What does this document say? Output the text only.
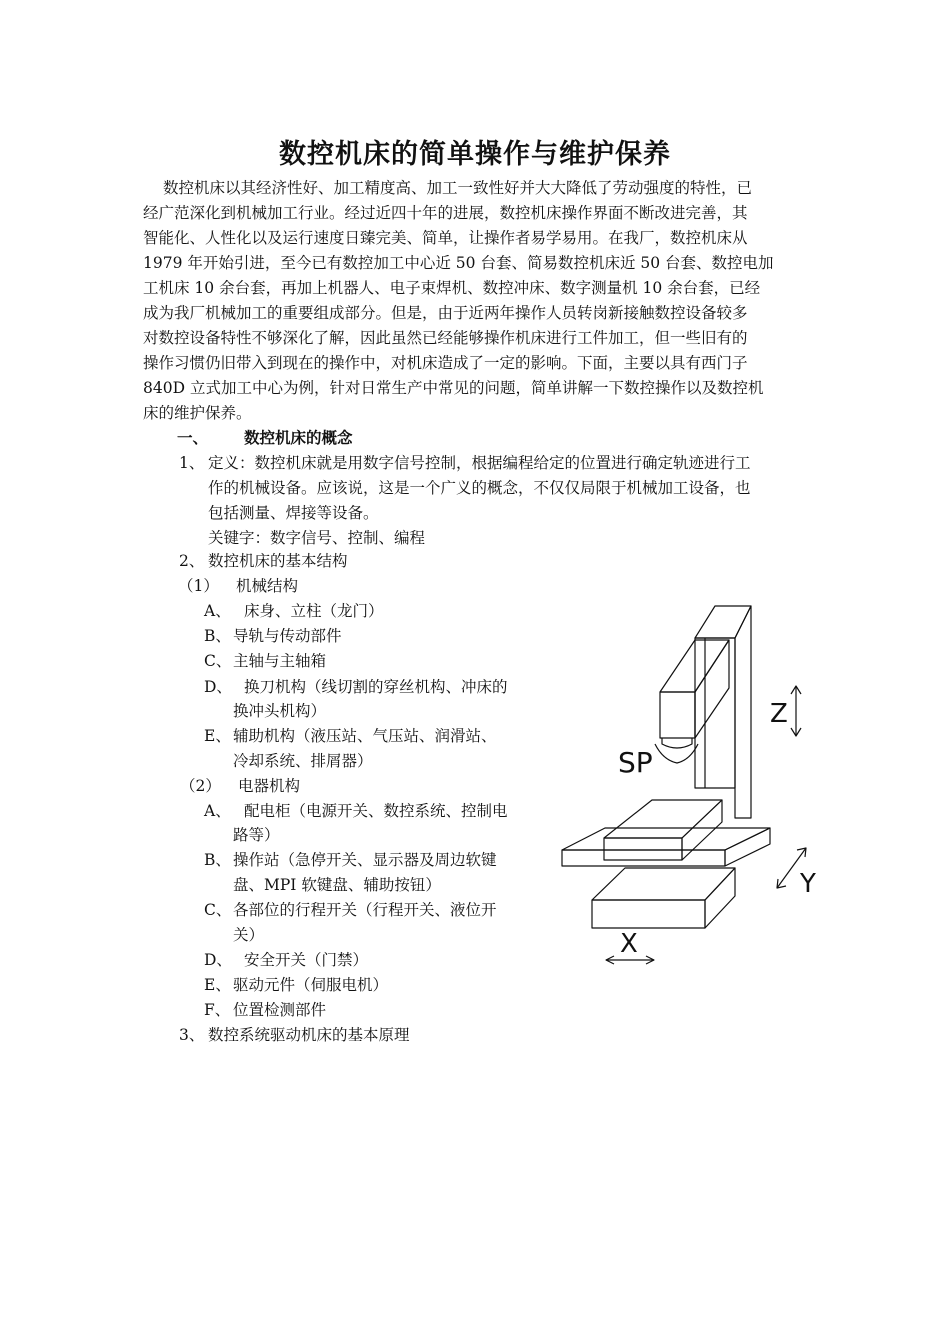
数控机床的简单操作与维护保养
数控机床以其经济性好、加工精度高、加工一致性好并大大降低了劳动强度的特性，已
经广范深化到机械加工行业。经过近四十年的进展，数控机床操作界面不断改进完善，其
智能化、人性化以及运行速度日臻完美、简单，让操作者易学易用。在我厂，数控机床从
1979 年开始引进，至今已有数控加工中心近 50 台套、简易数控机床近 50 台套、数控电加
工机床 10 余台套，再加上机器人、电子束焊机、数控冲床、数字测量机 10 余台套，已经
成为我厂机械加工的重要组成部分。但是，由于近两年操作人员转岗新接触数控设备较多
对数控设备特性不够深化了解，因此虽然已经能够操作机床进行工件加工，但一些旧有的
操作习惯仍旧带入到现在的操作中，对机床造成了一定的影响。下面，主要以具有西门子
840D 立式加工中心为例，针对日常生产中常见的问题，简单讲解一下数控操作以及数控机
床的维护保养。
一、 数控机床的概念
1、 定义：数控机床就是用数字信号控制，根据编程给定的位置进行确定轨迹进行工
作的机械设备。应该说，这是一个广义的概念，不仅仅局限于机械加工设备，也
包括测量、焊接等设备。
关键字：数字信号、控制、编程
2、 数控机床的基本结构
（1） 机械结构
A、 床身、立柱（龙门）
B、 导轨与传动部件
C、 主轴与主轴箱
D、 换刀机构（线切割的穿丝机构、冲床的
换冲头机构）
E、 辅助机构（液压站、气压站、润滑站、
冷却系统、排屑器）
（2） 电器机构
A、 配电柜（电源开关、数控系统、控制电
路等）
B、 操作站（急停开关、显示器及周边软键
盘、MPI 软键盘、辅助按钮）
C、 各部位的行程开关（行程开关、液位开
关）
D、 安全开关（门禁）
E、 驱动元件（伺服电机）
F、 位置检测部件
3、 数控系统驱动机床的基本原理
Z
SP
Y
X
